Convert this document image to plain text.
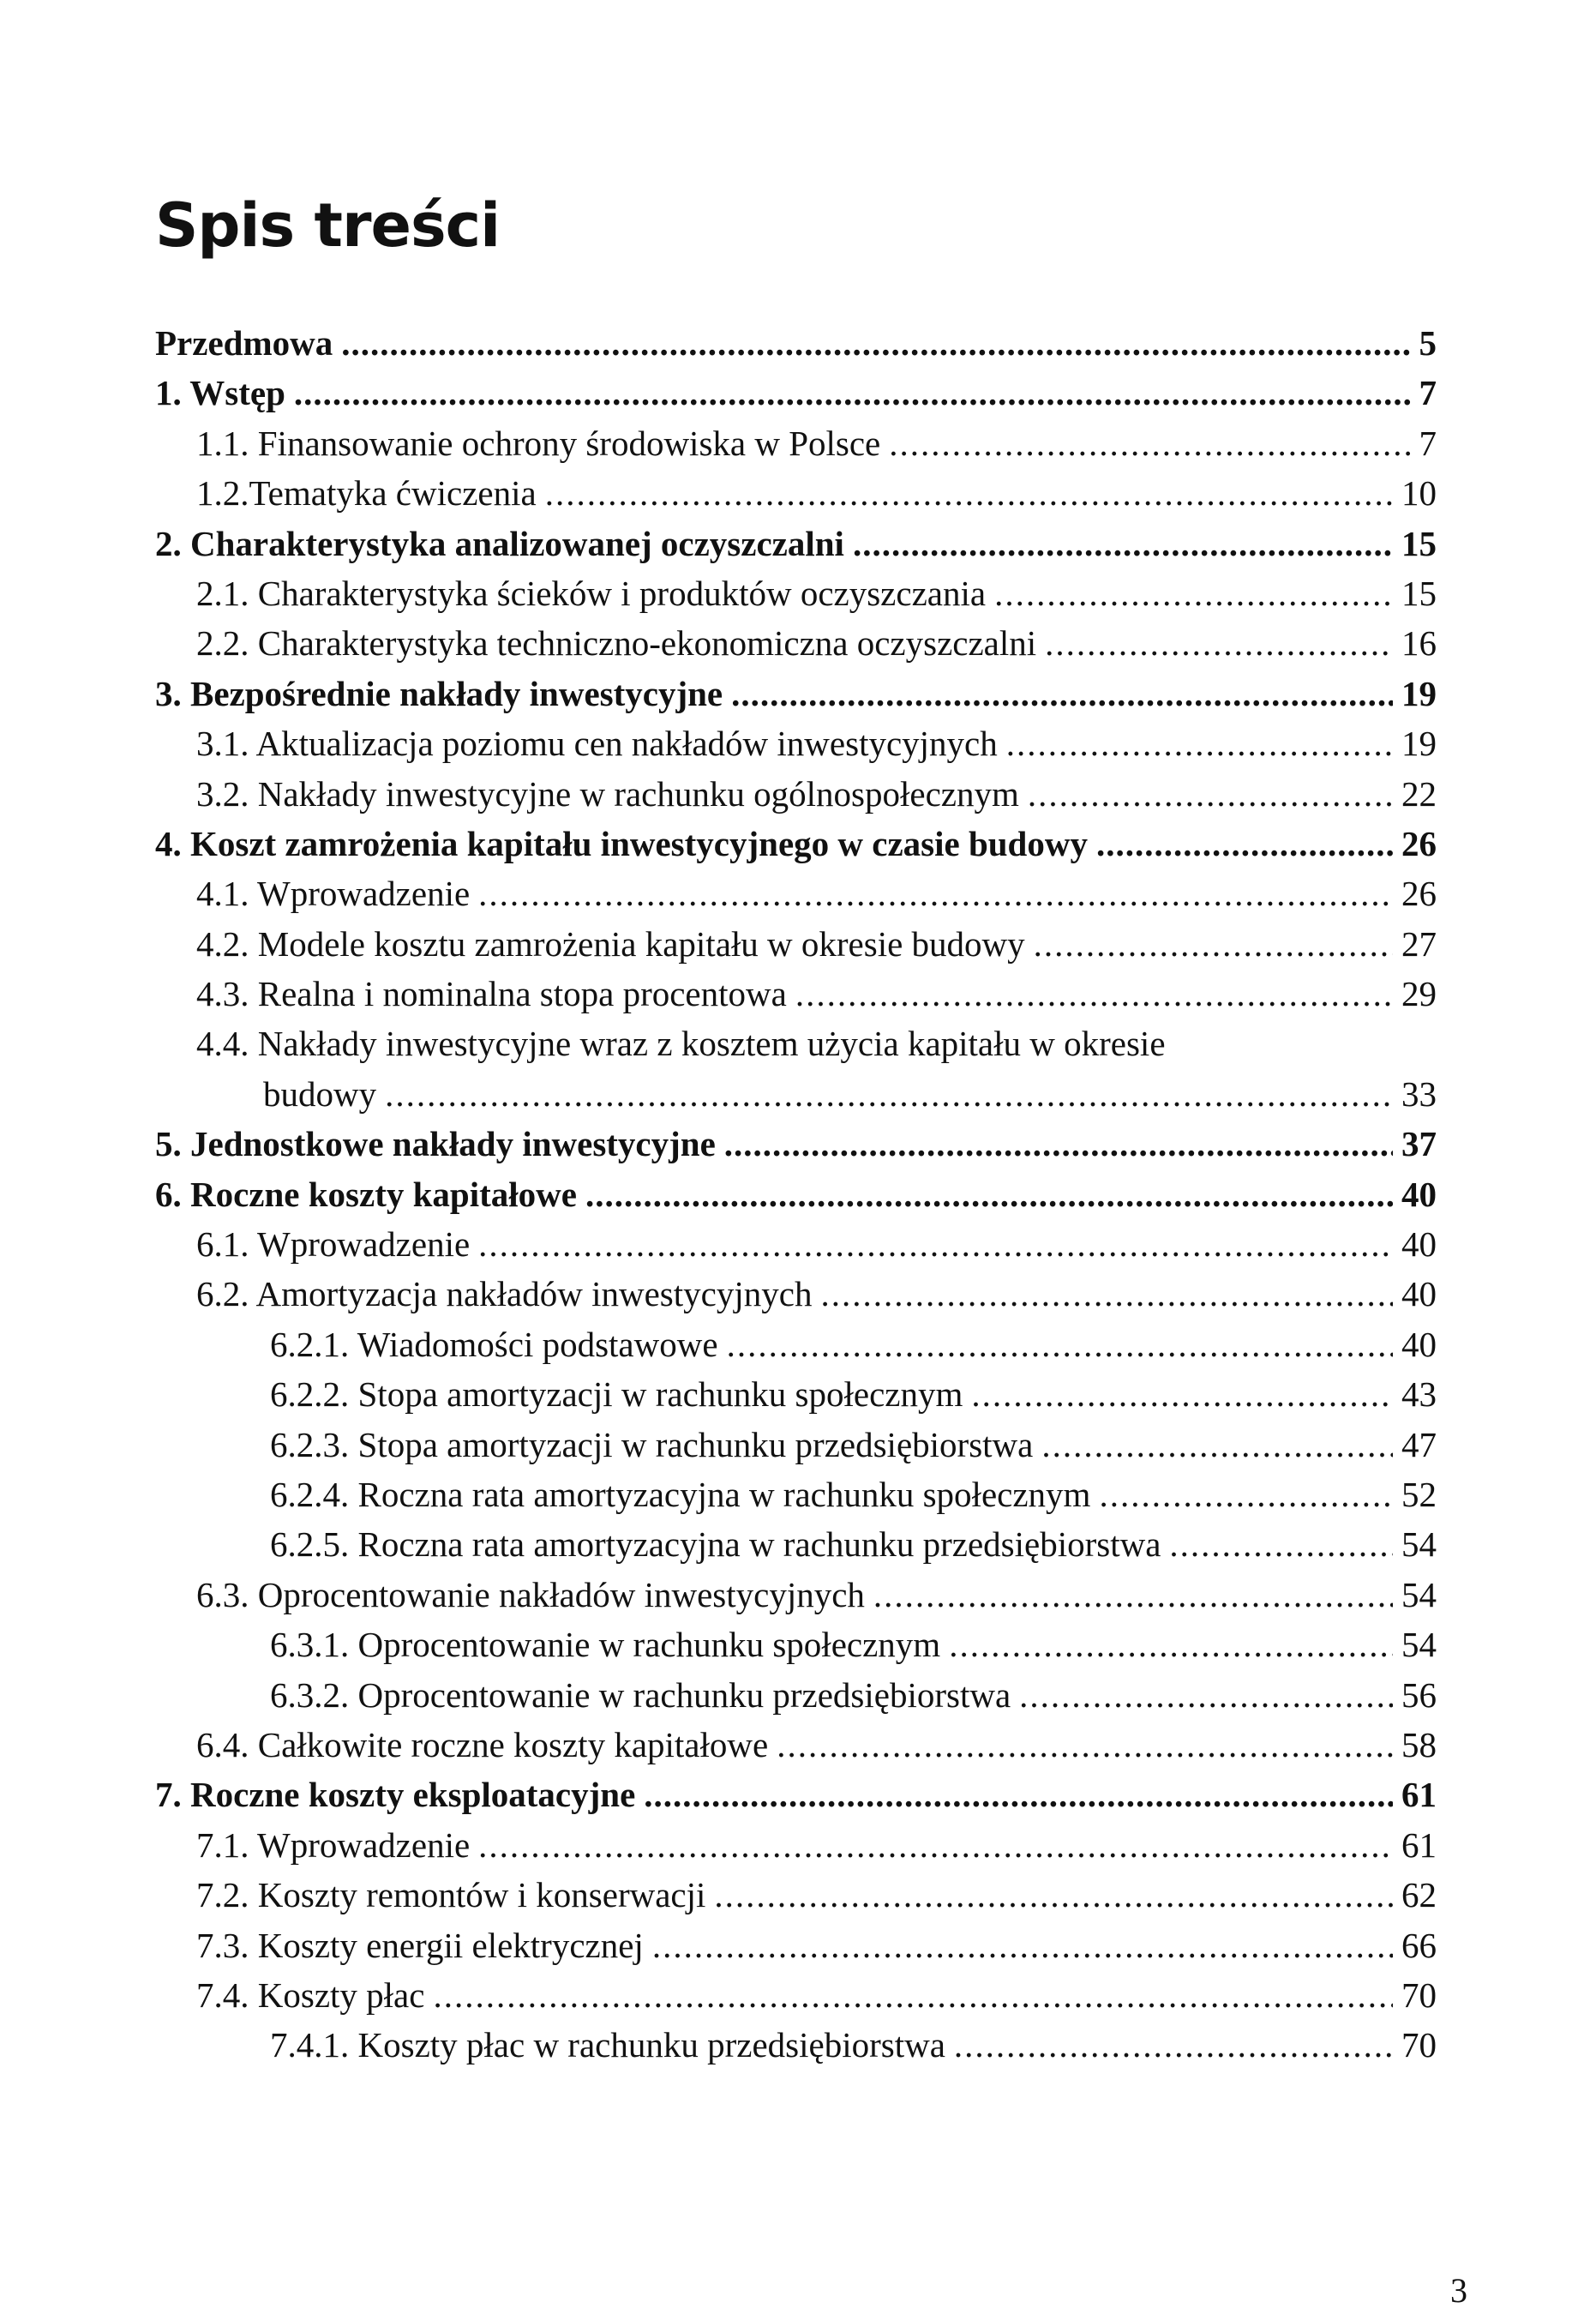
Spis treści
Przedmowa .....	5
1. Wstęp .....	7
1.1. Finansowanie ochrony środowiska w Polsce .....	7
1.2.Tematyka ćwiczenia .....	10
2. Charakterystyka analizowanej oczyszczalni .....	15
2.1. Charakterystyka ścieków i produktów oczyszczania .....	15
2.2. Charakterystyka techniczno-ekonomiczna oczyszczalni .....	16
3. Bezpośrednie nakłady inwestycyjne .....	19
3.1. Aktualizacja poziomu cen nakładów inwestycyjnych .....	19
3.2. Nakłady inwestycyjne w rachunku ogólnospołecznym .....	22
4. Koszt zamrożenia kapitału inwestycyjnego w czasie budowy .....	26
4.1. Wprowadzenie .....	26
4.2. Modele kosztu zamrożenia kapitału w okresie budowy .....	27
4.3. Realna i nominalna stopa procentowa .....	29
4.4. Nakłady inwestycyjne wraz z kosztem użycia kapitału w okresie
budowy .....	33
5. Jednostkowe nakłady inwestycyjne .....	37
6. Roczne koszty kapitałowe .....	40
6.1. Wprowadzenie .....	40
6.2. Amortyzacja nakładów inwestycyjnych .....	40
6.2.1. Wiadomości podstawowe .....	40
6.2.2. Stopa amortyzacji w rachunku społecznym .....	43
6.2.3. Stopa amortyzacji w rachunku przedsiębiorstwa .....	47
6.2.4. Roczna rata amortyzacyjna w rachunku społecznym .....	52
6.2.5. Roczna rata amortyzacyjna w rachunku przedsiębiorstwa .....	54
6.3. Oprocentowanie nakładów inwestycyjnych .....	54
6.3.1. Oprocentowanie w rachunku społecznym .....	54
6.3.2. Oprocentowanie w rachunku przedsiębiorstwa .....	56
6.4. Całkowite roczne koszty kapitałowe .....	58
7. Roczne koszty eksploatacyjne .....	61
7.1. Wprowadzenie .....	61
7.2. Koszty remontów i konserwacji .....	62
7.3. Koszty energii elektrycznej .....	66
7.4. Koszty płac .....	70
7.4.1. Koszty płac w rachunku przedsiębiorstwa .....	70
3
